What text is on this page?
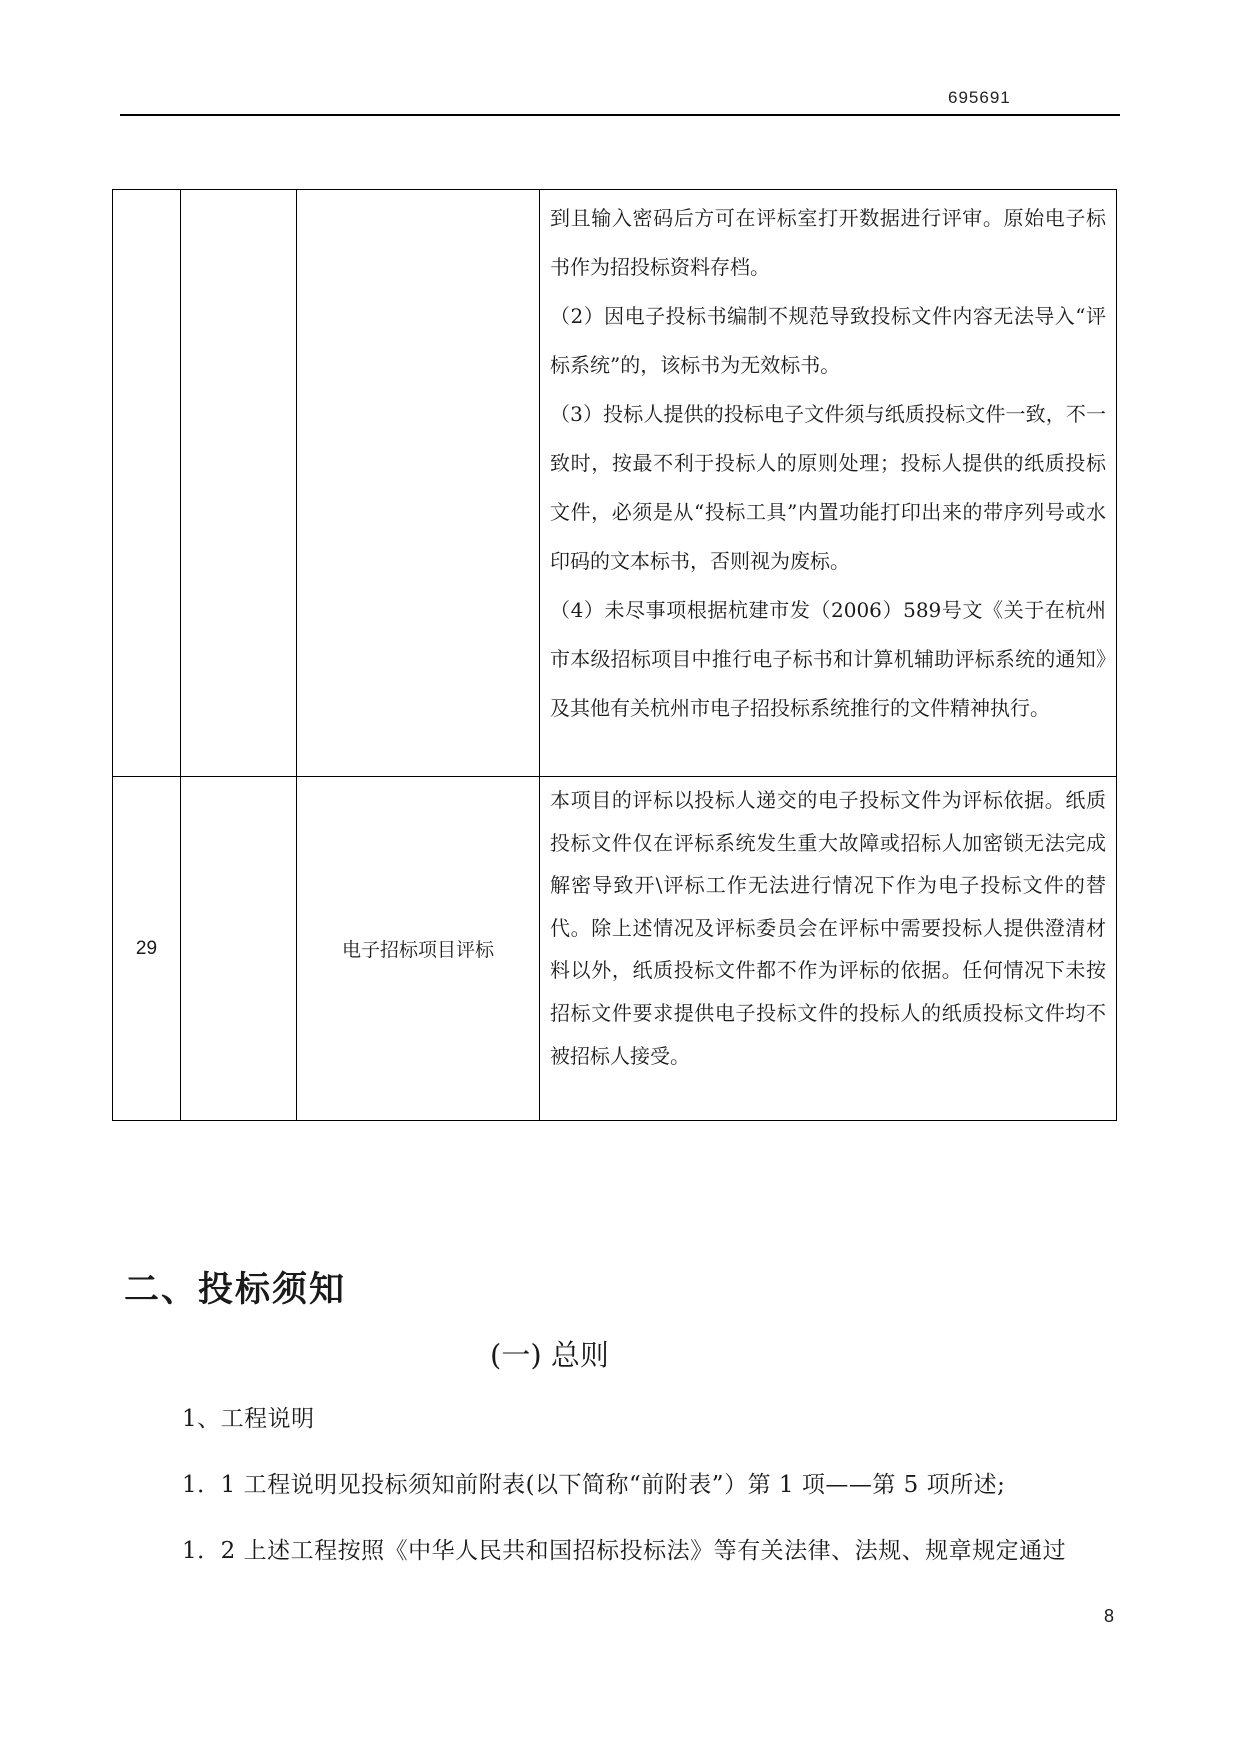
695691

			到且输入密码后方可在评标室打开数据进行评审。原始电子标书作为招投标资料存档。

（2）因电子投标书编制不规范导致投标文件内容无法导入“评标系统”的，该标书为无效标书。

（3）投标人提供的投标电子文件须与纸质投标文件一致，不一致时，按最不利于投标人的原则处理；投标人提供的纸质投标文件，必须是从“投标工具”内置功能打印出来的带序列号或水印码的文本标书，否则视为废标。

（4）未尽事项根据杭建市发（2006）589号文《关于在杭州市本级招标项目中推行电子标书和计算机辅助评标系统的通知》及其他有关杭州市电子招投标系统推行的文件精神执行。

29		电子招标项目评标	本项目的评标以投标人递交的电子投标文件为评标依据。纸质投标文件仅在评标系统发生重大故障或招标人加密锁无法完成解密导致开\评标工作无法进行情况下作为电子投标文件的替代。除上述情况及评标委员会在评标中需要投标人提供澄清材料以外，纸质投标文件都不作为评标的依据。任何情况下未按招标文件要求提供电子投标文件的投标人的纸质投标文件均不被招标人接受。

二、投标须知
(一) 总则
1、工程说明
1．1 工程说明见投标须知前附表(以下简称“前附表”）第 1 项——第 5 项所述;
1．2 上述工程按照《中华人民共和国招标投标法》等有关法律、法规、规章规定通过
8
